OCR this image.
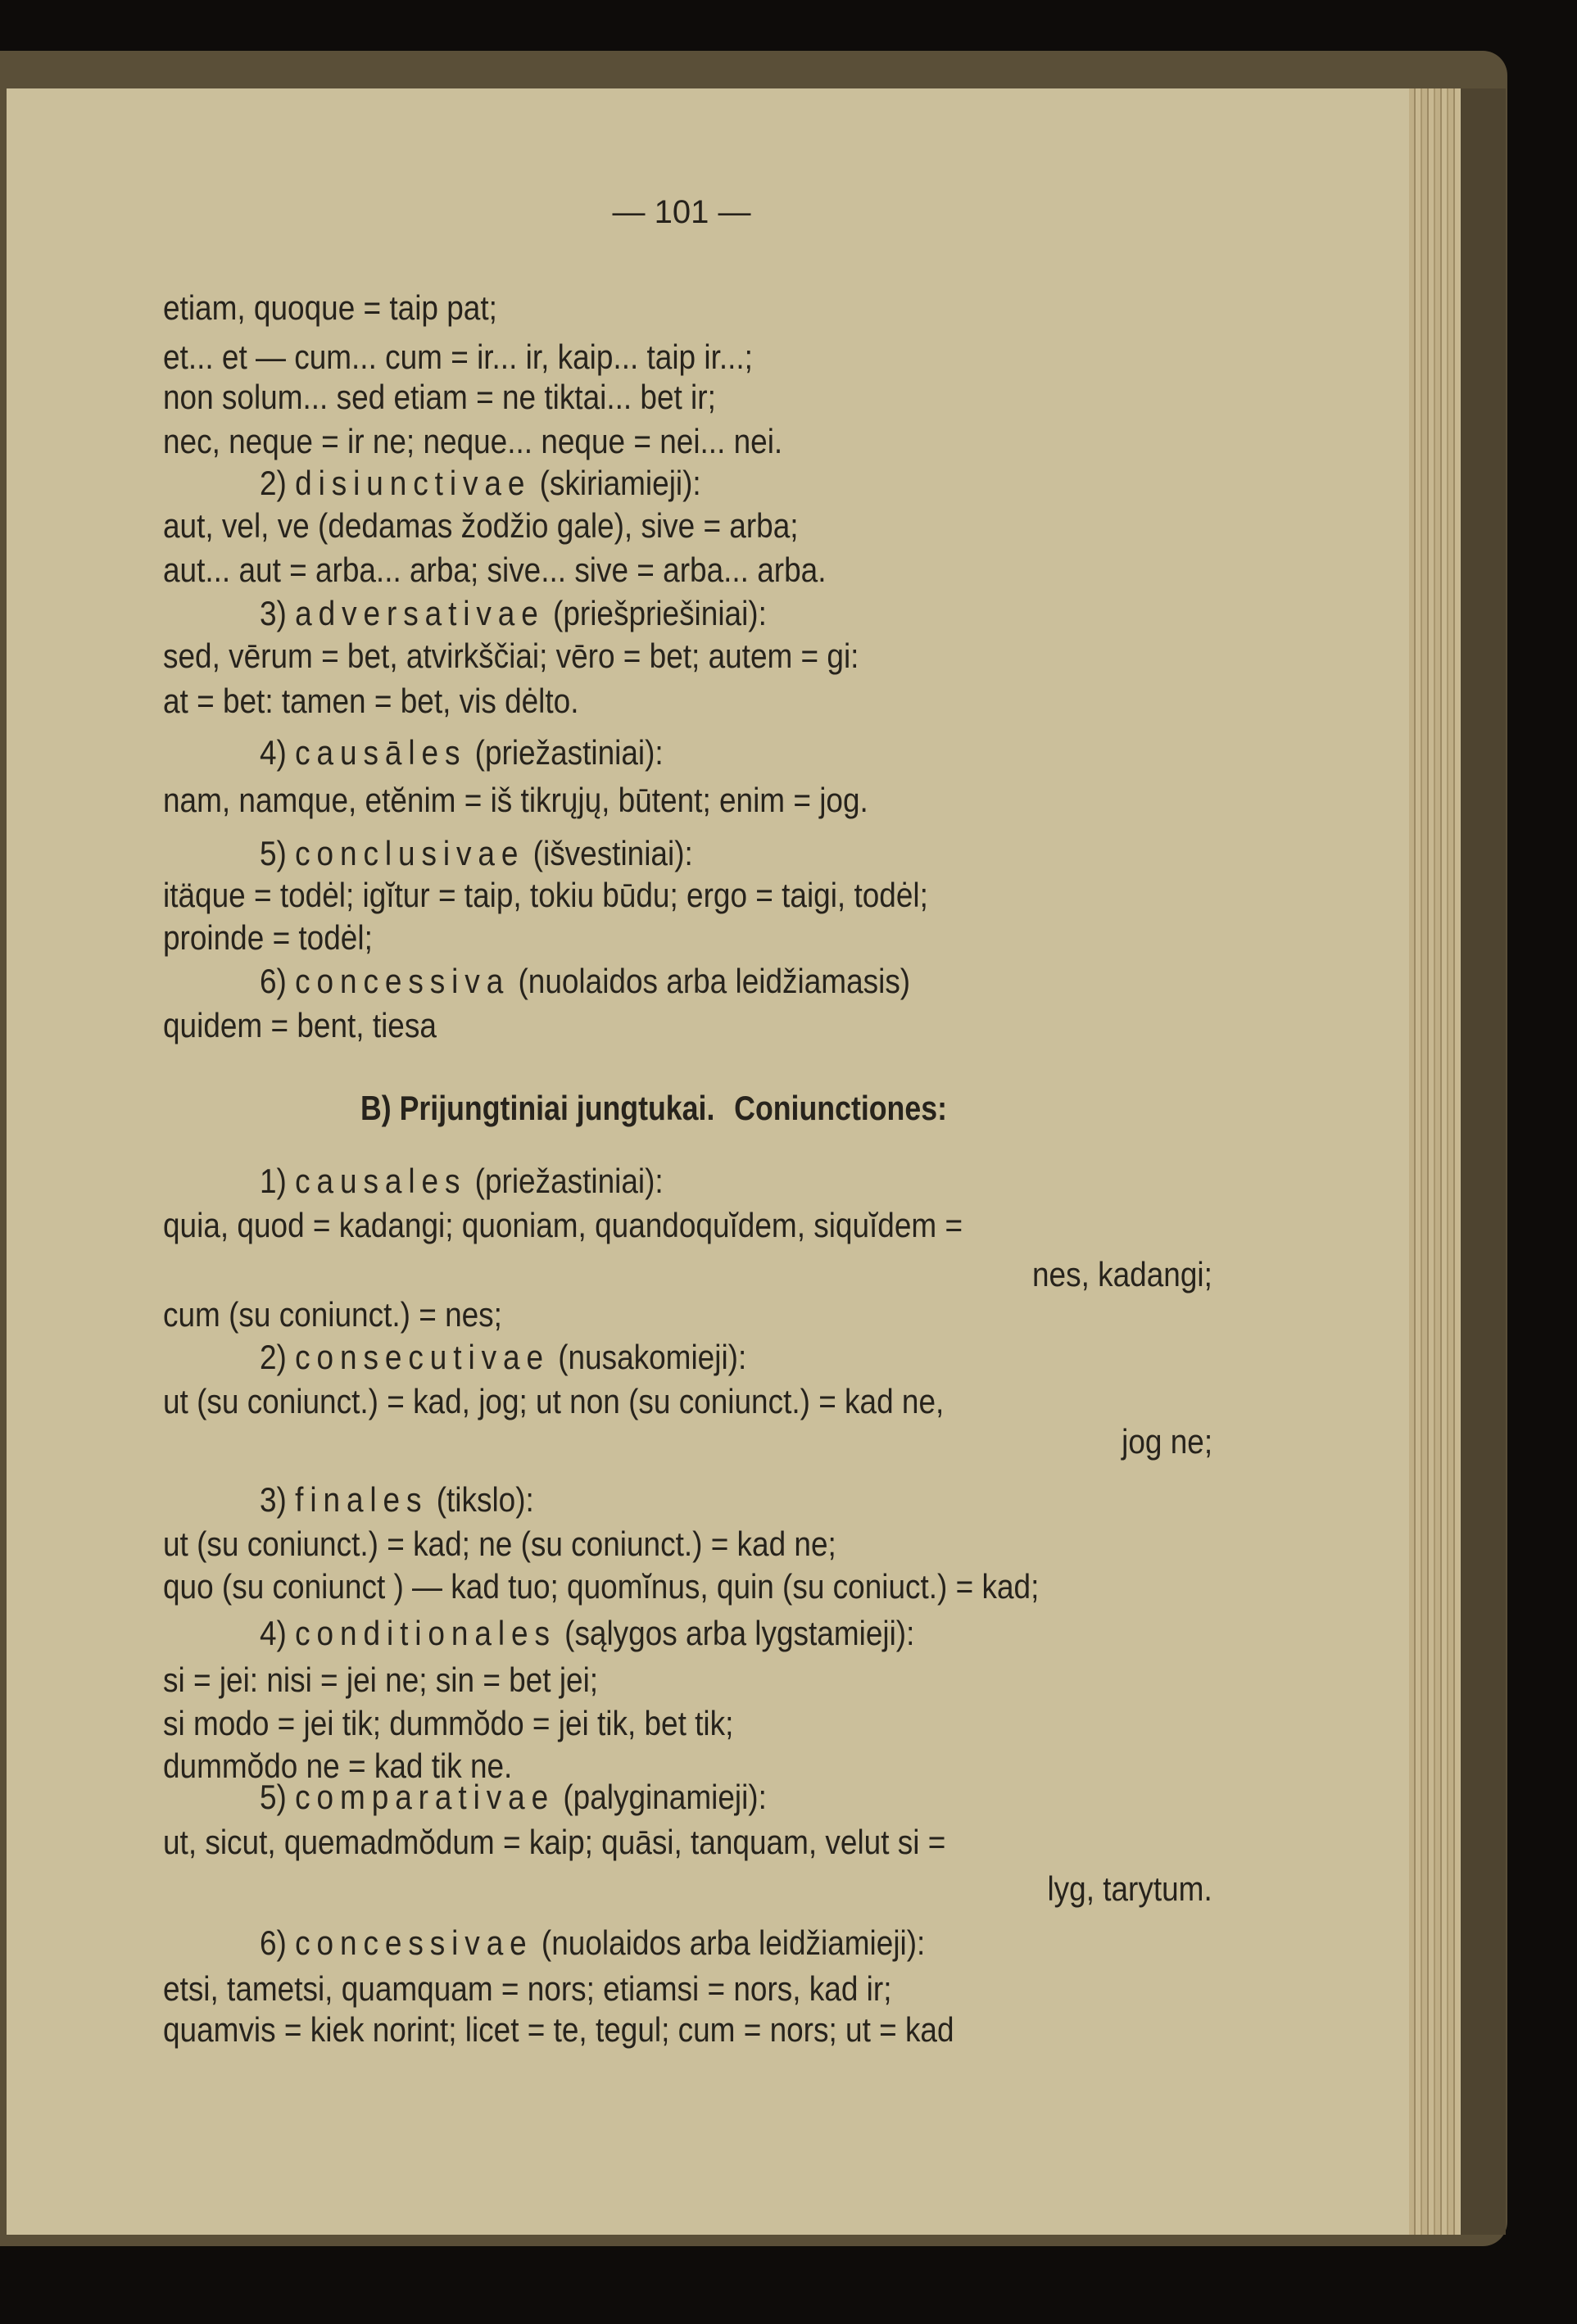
— 101 —
etiam, quoque = taip pat;
et... et — cum... cum = ir... ir, kaip... taip ir...;
non solum... sed etiam = ne tiktai... bet ir;
nec, neque = ir ne; neque... neque = nei... nei.
2) disiunctivae (skiriamieji):
aut, vel, ve (dedamas žodžio gale), sive = arba;
aut... aut = arba... arba; sive... sive = arba... arba.
3) adversativae (priešpriešiniai):
sed, vērum = bet, atvirkščiai; vēro = bet; autem = gi:
at = bet: tamen = bet, vis dėlto.
4) causāles (priežastiniai):
nam, namque, etĕnim = iš tikrųjų, būtent; enim = jog.
5) conclusivae (išvestiniai):
itäque = todėl; igĭtur = taip, tokiu būdu; ergo = taigi, todėl;
proinde = todėl;
6) concessiva (nuolaidos arba leidžiamasis)
quidem = bent, tiesa
B) Prijungtiniai jungtukai. Coniunctiones:
1) causales (priežastiniai):
quia, quod = kadangi; quoniam, quandoquĭdem, siquĭdem =
nes, kadangi;
cum (su coniunct.) = nes;
2) consecutivae (nusakomieji):
ut (su coniunct.) = kad, jog; ut non (su coniunct.) = kad ne,
jog ne;
3) finales (tikslo):
ut (su coniunct.) = kad; ne (su coniunct.) = kad ne;
quo (su coniunct ) — kad tuo; quomĭnus, quin (su coniuct.) = kad;
4) conditionales (sąlygos arba lygstamieji):
si = jei: nisi = jei ne; sin = bet jei;
si modo = jei tik; dummŏdo = jei tik, bet tik;
dummŏdo ne = kad tik ne.
5) comparativae (palyginamieji):
ut, sicut, quemadmŏdum = kaip; quāsi, tanquam, velut si =
lyg, tarytum.
6) concessivae (nuolaidos arba leidžiamieji):
etsi, tametsi, quamquam = nors; etiamsi = nors, kad ir;
quamvis = kiek norint; licet = te, tegul; cum = nors; ut = kad
